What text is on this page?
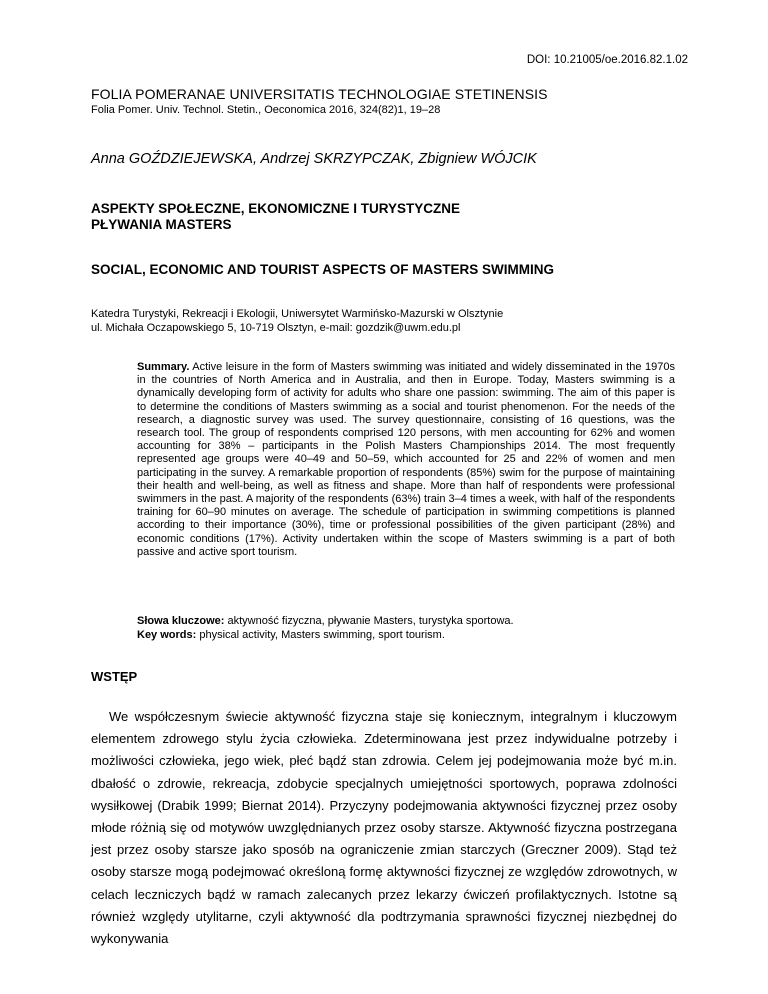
DOI: 10.21005/oe.2016.82.1.02
FOLIA POMERANAE UNIVERSITATIS TECHNOLOGIAE STETINENSIS
Folia Pomer. Univ. Technol. Stetin., Oeconomica 2016, 324(82)1, 19–28
Anna GOŹDZIEJEWSKA, Andrzej SKRZYPCZAK, Zbigniew WÓJCIK
ASPEKTY SPOŁECZNE, EKONOMICZNE I TURYSTYCZNE
PŁYWANIA MASTERS
SOCIAL, ECONOMIC AND TOURIST ASPECTS OF MASTERS SWIMMING
Katedra Turystyki, Rekreacji i Ekologii, Uniwersytet Warmińsko-Mazurski w Olsztynie
ul. Michała Oczapowskiego 5, 10-719 Olsztyn, e-mail: gozdzik@uwm.edu.pl
Summary. Active leisure in the form of Masters swimming was initiated and widely disseminated in the 1970s in the countries of North America and in Australia, and then in Europe. Today, Masters swimming is a dynamically developing form of activity for adults who share one passion: swimming. The aim of this paper is to determine the conditions of Masters swimming as a social and tourist phenomenon. For the needs of the research, a diagnostic survey was used. The survey questionnaire, consisting of 16 questions, was the research tool. The group of respondents comprised 120 persons, with men accounting for 62% and women accounting for 38% – participants in the Polish Masters Championships 2014. The most frequently represented age groups were 40–49 and 50–59, which accounted for 25 and 22% of women and men participating in the survey. A remarkable proportion of respondents (85%) swim for the purpose of maintaining their health and well-being, as well as fitness and shape. More than half of respondents were professional swimmers in the past. A majority of the respondents (63%) train 3–4 times a week, with half of the respondents training for 60–90 minutes on average. The schedule of participation in swimming competitions is planned according to their importance (30%), time or professional possibilities of the given participant (28%) and economic conditions (17%). Activity undertaken within the scope of Masters swimming is a part of both passive and active sport tourism.
Słowa kluczowe: aktywność fizyczna, pływanie Masters, turystyka sportowa.
Key words: physical activity, Masters swimming, sport tourism.
WSTĘP

We współczesnym świecie aktywność fizyczna staje się koniecznym, integralnym i kluczowym elementem zdrowego stylu życia człowieka. Zdeterminowana jest przez indywidualne potrzeby i możliwości człowieka, jego wiek, płeć bądź stan zdrowia. Celem jej podejmowania może być m.in. dbałość o zdrowie, rekreacja, zdobycie specjalnych umiejętności sportowych, poprawa zdolności wysiłkowej (Drabik 1999; Biernat 2014). Przyczyny podejmowania aktywności fizycznej przez osoby młode różnią się od motywów uwzględnianych przez osoby starsze. Aktywność fizyczna postrzegana jest przez osoby starsze jako sposób na ograniczenie zmian starczych (Greczner 2009). Stąd też osoby starsze mogą podejmować określoną formę aktywności fizycznej ze względów zdrowotnych, w celach leczniczych bądź w ramach zalecanych przez lekarzy ćwiczeń profilaktycznych. Istotne są również względy utylitarne, czyli aktywność dla podtrzymania sprawności fizycznej niezbędnej do wykonywania
